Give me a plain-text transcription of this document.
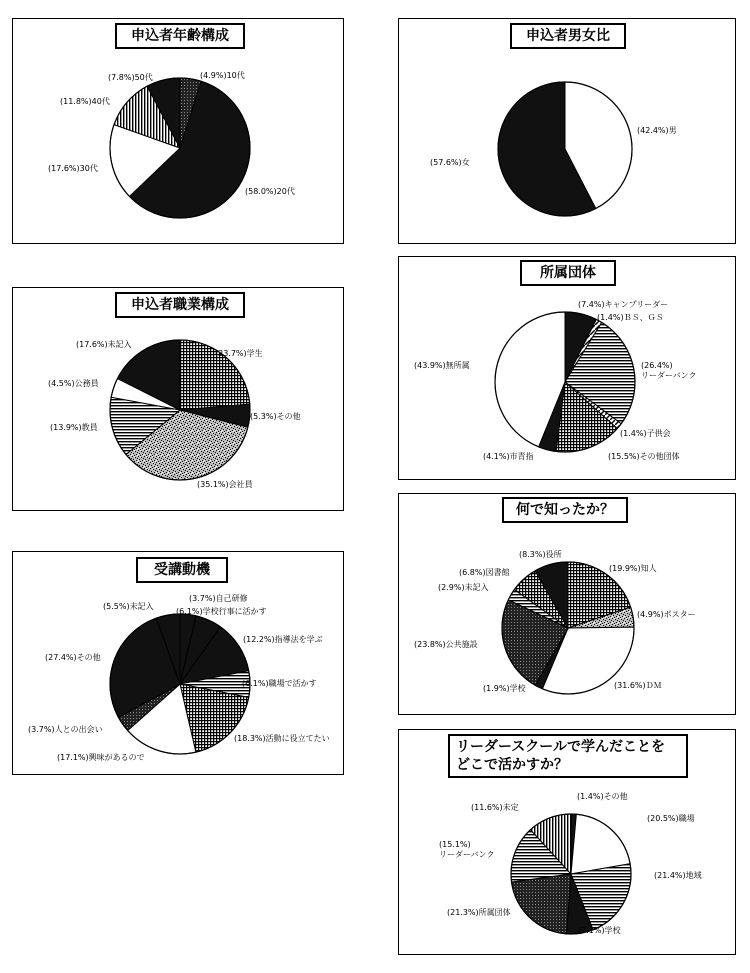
申込者年齢構成
(4.9%)10代
(58.0%)20代
(17.6%)30代
(11.8%)40代
(7.8%)50代
申込者男女比
(42.4%)男
(57.6%)女
申込者職業構成
(23.7%)学生
(5.3%)その他
(35.1%)会社員
(13.9%)教員
(4.5%)公務員
(17.6%)未記入
所属団体
(7.4%)キャンプリーダー
(1.4%)ＢＳ、ＧＳ
(26.4%)
リーダーバンク
(1.4%)子供会
(15.5%)その他団体
(4.1%)市青指
(43.9%)無所属
受講動機
(3.7%)自己研修
(6.1%)学校行事に活かす
(12.2%)指導法を学ぶ
(6.1%)職場で活かす
(18.3%)活動に役立てたい
(17.1%)興味があるので
(3.7%)人との出会い
(27.4%)その他
(5.5%)未記入
何で知ったか？
(19.9%)知人
(4.9%)ポスター
(31.6%)ＤＭ
(1.9%)学校
(23.8%)公共施設
(2.9%)未記入
(6.8%)図書館
(8.3%)役所
リーダースクールで学んだことを
どこで活かすか？
(1.4%)その他
(20.5%)職場
(21.4%)地域
(7.1%)学校
(21.3%)所属団体
(15.1%)
リーダーバンク
(11.6%)未定
